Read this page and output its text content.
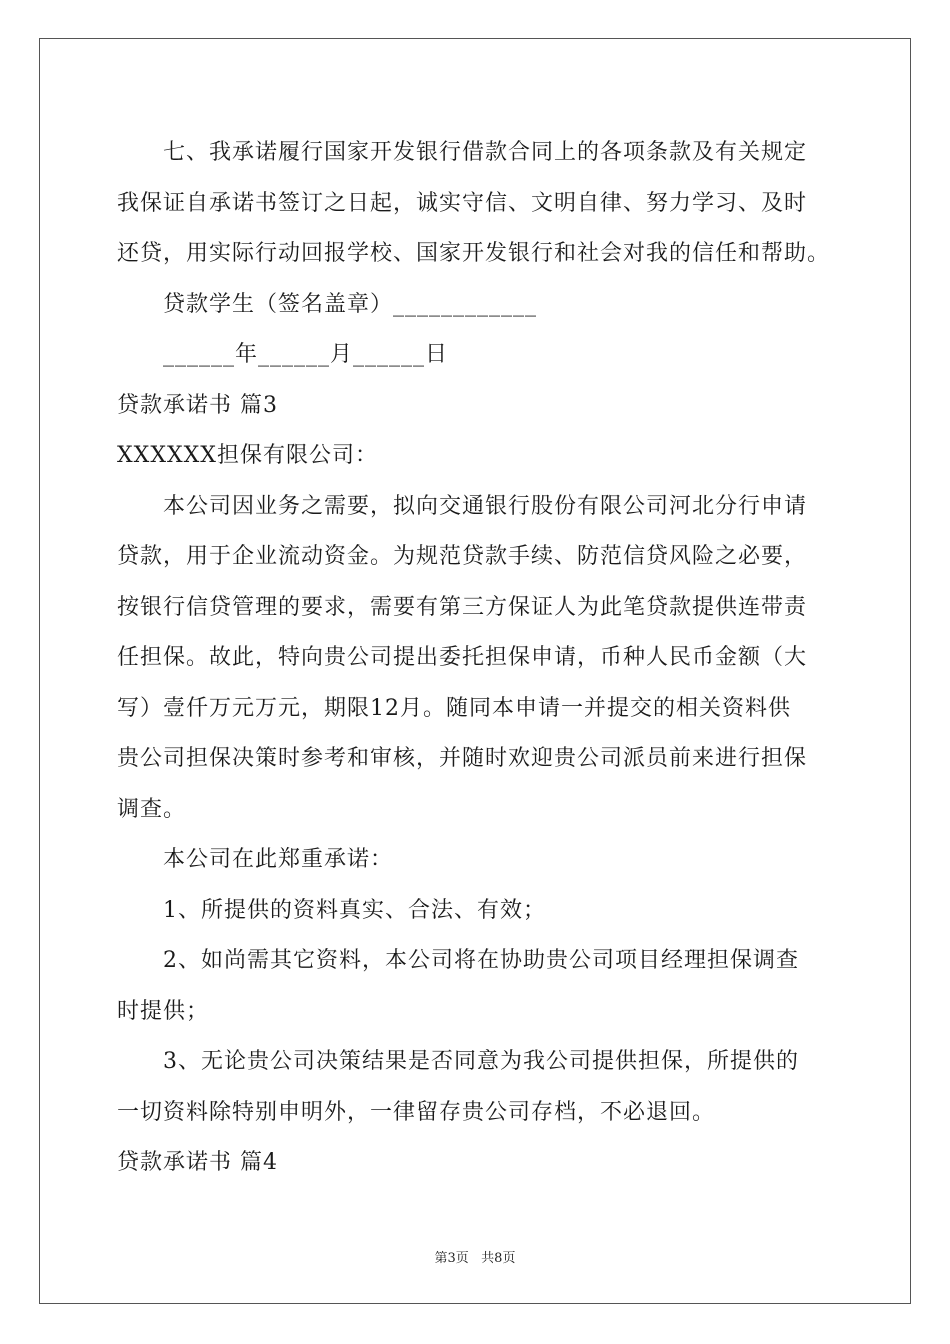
七、我承诺履行国家开发银行借款合同上的各项条款及有关规定
我保证自承诺书签订之日起，诚实守信、文明自律、努力学习、及时
还贷，用实际行动回报学校、国家开发银行和社会对我的信任和帮助。
贷款学生（签名盖章）____________
______年______月______日
贷款承诺书 篇3
XXXXXX担保有限公司：
本公司因业务之需要，拟向交通银行股份有限公司河北分行申请
贷款，用于企业流动资金。为规范贷款手续、防范信贷风险之必要，
按银行信贷管理的要求，需要有第三方保证人为此笔贷款提供连带责
任担保。故此，特向贵公司提出委托担保申请，币种人民币金额（大
写）壹仟万元万元，期限12月。随同本申请一并提交的相关资料供
贵公司担保决策时参考和审核，并随时欢迎贵公司派员前来进行担保
调查。
本公司在此郑重承诺：
1、所提供的资料真实、合法、有效；
2、如尚需其它资料，本公司将在协助贵公司项目经理担保调查
时提供；
3、无论贵公司决策结果是否同意为我公司提供担保，所提供的
一切资料除特别申明外，一律留存贵公司存档，不必退回。
贷款承诺书 篇4
第3页   共8页
